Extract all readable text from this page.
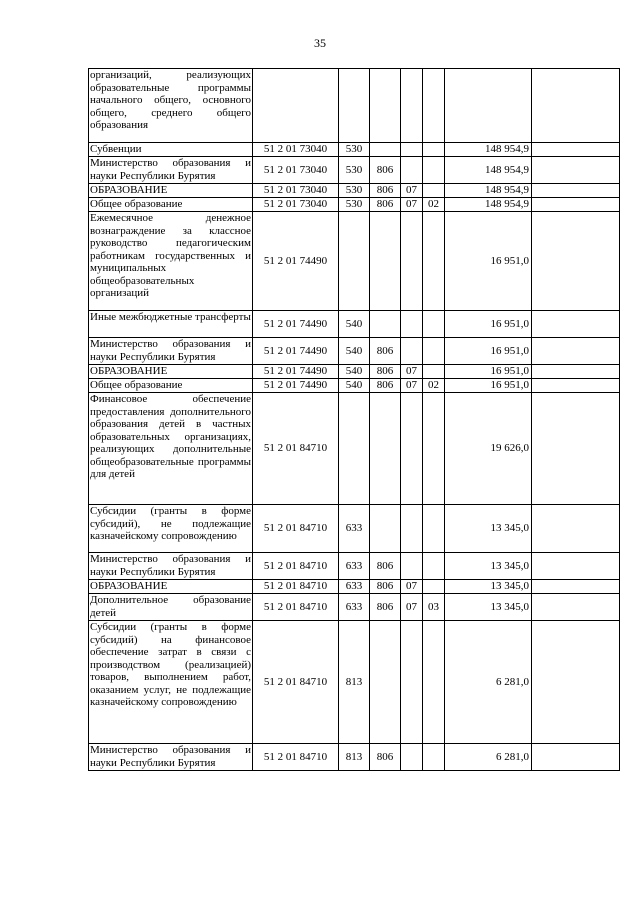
35
организаций, реализующих образовательные программы начального общего, основного общего, среднего общего образования							
Субвенции	51 2 01 73040	530				148 954,9	
Министерство образования и науки Республики Бурятия	51 2 01 73040	530	806			148 954,9	
ОБРАЗОВАНИЕ	51 2 01 73040	530	806	07		148 954,9	
Общее образование	51 2 01 73040	530	806	07	02	148 954,9	
Ежемесячное денежное вознаграждение за классное руководство педагогическим работникам государственных и муниципальных общеобразовательных организаций	51 2 01 74490					16 951,0	
Иные межбюджетные трансферты	51 2 01 74490	540				16 951,0	
Министерство образования и науки Республики Бурятия	51 2 01 74490	540	806			16 951,0	
ОБРАЗОВАНИЕ	51 2 01 74490	540	806	07		16 951,0	
Общее образование	51 2 01 74490	540	806	07	02	16 951,0	
Финансовое обеспечение предоставления дополнительного образования детей в частных образовательных организациях, реализующих дополнительные общеобразовательные программы для детей	51 2 01 84710					19 626,0	
Субсидии (гранты в форме субсидий), не подлежащие казначейскому сопровождению	51 2 01 84710	633				13 345,0	
Министерство образования и науки Республики Бурятия	51 2 01 84710	633	806			13 345,0	
ОБРАЗОВАНИЕ	51 2 01 84710	633	806	07		13 345,0	
Дополнительное образование детей	51 2 01 84710	633	806	07	03	13 345,0	
Субсидии (гранты в форме субсидий) на финансовое обеспечение затрат в связи с производством (реализацией) товаров, выполнением работ, оказанием услуг, не подлежащие казначейскому сопровождению	51 2 01 84710	813				6 281,0	
Министерство образования и науки Республики Бурятия	51 2 01 84710	813	806			6 281,0	
